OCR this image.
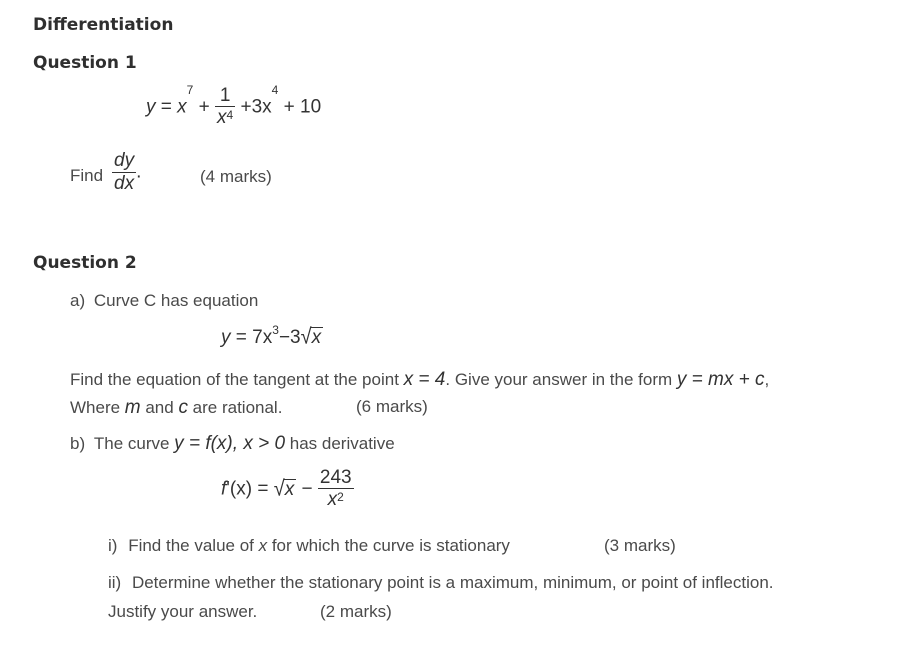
Differentiation
Question 1
$y = x^7 + \frac{1}{x^4} +3x^4 + 10$
Find $\frac{dy}{dx}$ .	(4 marks)
Question 2
a) Curve C has equation
$y = 7x^3-3√x$
Find the equation of the tangent at the point x = 4. Give your answer in the form y = mx + c,
Where m and c are rational.	(6 marks)
b) The curve y = f(x), x > 0 has derivative
$f'(x) = √x - \frac{243}{x^2}$
i) Find the value of x for which the curve is stationary	(3 marks)
ii) Determine whether the stationary point is a maximum, minimum, or point of inflection.
Justify your answer.	(2 marks)
